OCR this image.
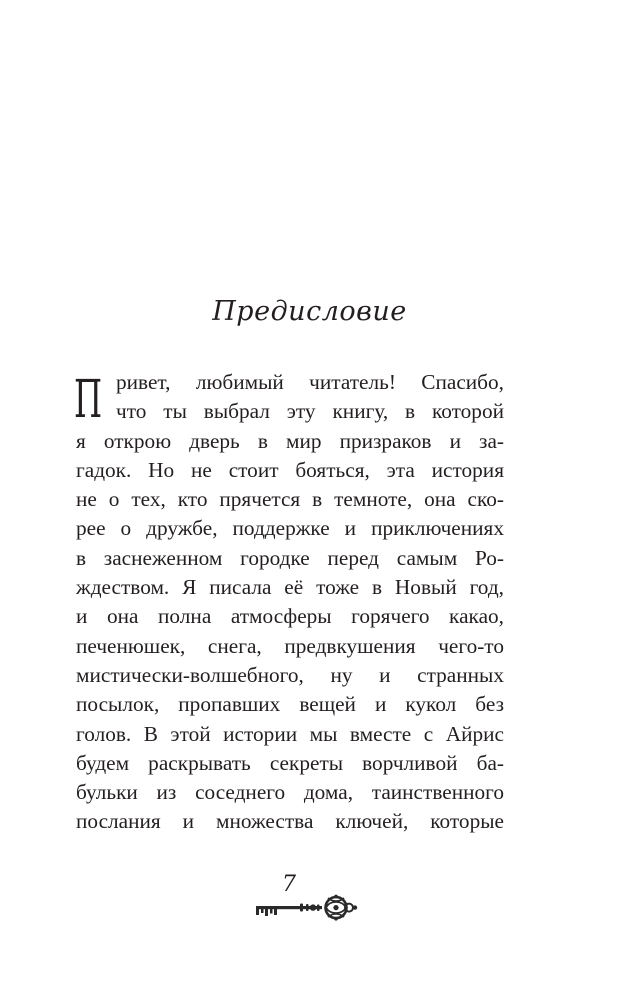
Предисловие
П ривет, любимый читатель! Спасибо,
что ты выбрал эту книгу, в которой
я открою дверь в мир призраков и за-
гадок. Но не стоит бояться, эта история
не о тех, кто прячется в темноте, она ско-
рее о дружбе, поддержке и приключениях
в заснеженном городке перед самым Ро-
ждеством. Я писала её тоже в Новый год,
и она полна атмосферы горячего какао,
печенюшек, снега, предвкушения чего-то
мистически-волшебного, ну и странных
посылок, пропавших вещей и кукол без
голов. В этой истории мы вместе с Айрис
будем раскрывать секреты ворчливой ба-
бульки из соседнего дома, таинственного
послания и множества ключей, которые
7
